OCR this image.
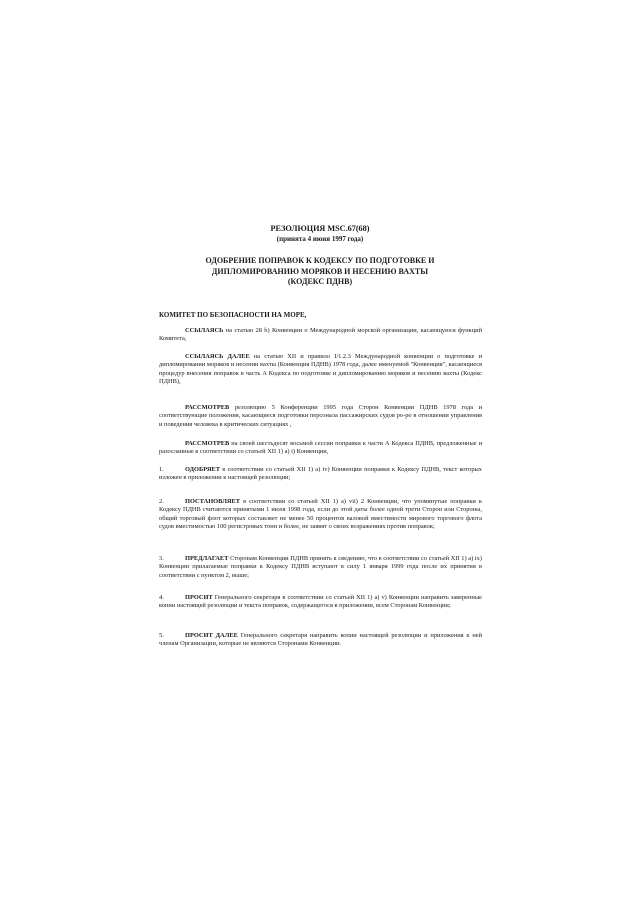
РЕЗОЛЮЦИЯ MSC.67(68)
(принята 4 июня 1997 года)
ОДОБРЕНИЕ ПОПРАВОК К КОДЕКСУ ПО ПОДГОТОВКЕ И
ДИПЛОМИРОВАНИЮ МОРЯКОВ И НЕСЕНИЮ ВАХТЫ
(КОДЕКС ПДНВ)
КОМИТЕТ ПО БЕЗОПАСНОСТИ НА МОРЕ,

ССЫЛАЯСЬ на статью 28 b) Конвенции о Международной морской организации, касающуюся функций Комитета,

ССЫЛАЯСЬ ДАЛЕЕ на статью XII и правило I/1.2.3 Международной конвенции о подготовке и дипломировании моряков и несении вахты (Конвенция ПДНВ) 1978 года, далее именуемой "Конвенция", касающиеся процедур внесения поправок в часть А Кодекса по подготовке и дипломированию моряков и несению вахты (Кодекс ПДНВ),

РАССМОТРЕВ резолюцию 5 Конференции 1995 года Сторон Конвенции ПДНВ 1978 года и соответствующие положения, касающиеся подготовки персонала пассажирских судов ро-ро в отношении управления и поведения человека в критических ситуациях ,

РАССМОТРЕВ на своей шестьдесят восьмой сессии поправки к части А Кодекса ПДНВ, предложенные и разосланные в соответствии со статьей XII 1) a) i) Конвенции,

1.	ОДОБРЯЕТ в соответствии со статьей XII 1) a) iv) Конвенции поправки к Кодексу ПДНВ, текст которых изложен в приложении к настоящей резолюции;

2.	ПОСТАНОВЛЯЕТ в соответствии со статьей XII 1) a) vii) 2 Конвенции, что упомянутые поправки к Кодексу ПДНВ считаются принятыми 1 июля 1998 года, если до этой даты более одной трети Сторон или Стороны, общий торговый флот которых составляет не менее 50 процентов валовой вместимости мирового торгового флота судов вместимостью 100 регистровых тонн и более, не заявят о своих возражениях против поправок;

3.	ПРЕДЛАГАЕТ Сторонам Конвенции ПДНВ принять к сведению, что в соответствии со статьей XII 1) a) ix) Конвенции прилагаемые поправки к Кодексу ПДНВ вступают в силу 1 января 1999 года после их принятия в соответствии с пунктом 2, выше;

4.	ПРОСИТ Генерального секретаря в соответствии со статьей XII 1) a) v) Конвенции направить заверенные копии настоящей резолюции и текста поправок, содержащегося в приложении, всем Сторонам Конвенции;

5.	ПРОСИТ ДАЛЕЕ Генерального секретаря направить копии настоящей резолюции и приложения к ней членам Организации, которые не являются Сторонами Конвенции.
